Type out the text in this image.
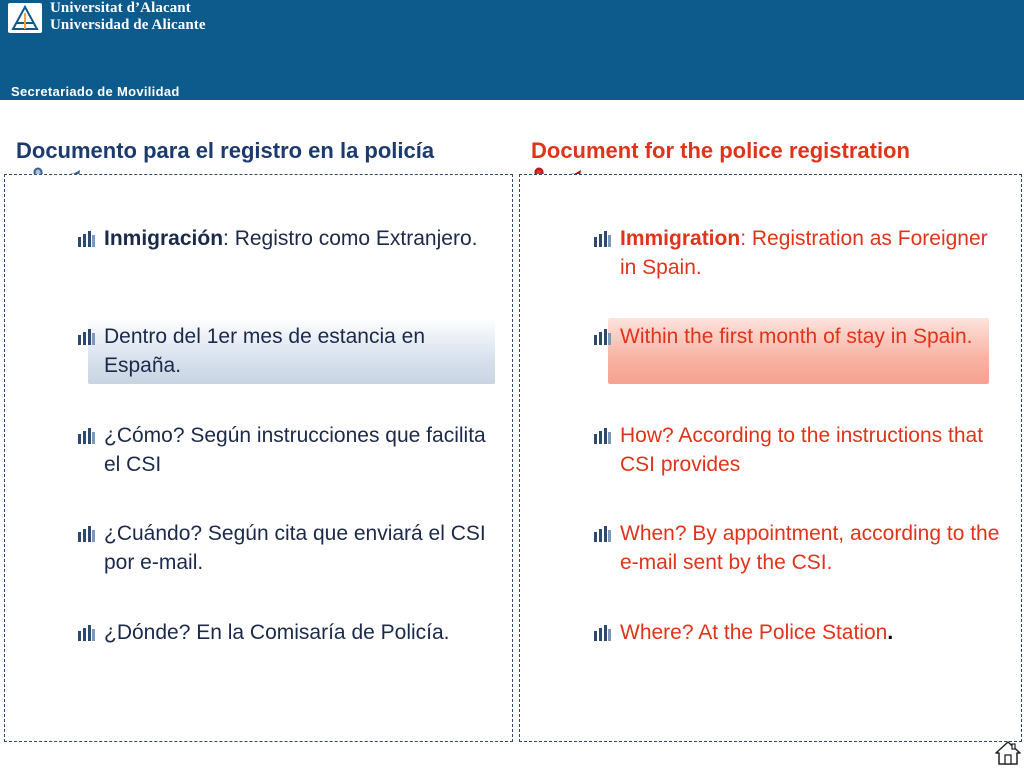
Universitat d’Alacant
Universidad de Alicante
Secretariado de Movilidad
Documento para el registro en la policía	Document for the police registration
Inmigración: Registro como Extranjero.
Dentro del 1er mes de estancia en España.
¿Cómo? Según instrucciones que facilita el CSI
¿Cuándo? Según cita que enviará el CSI por e-mail.
¿Dónde? En la Comisaría de Policía.
Immigration: Registration as Foreigner in Spain.
Within the first month of stay in Spain.
How? According to the instructions that CSI provides
When? By appointment, according to the e-mail sent by the CSI.
Where? At the Police Station.
